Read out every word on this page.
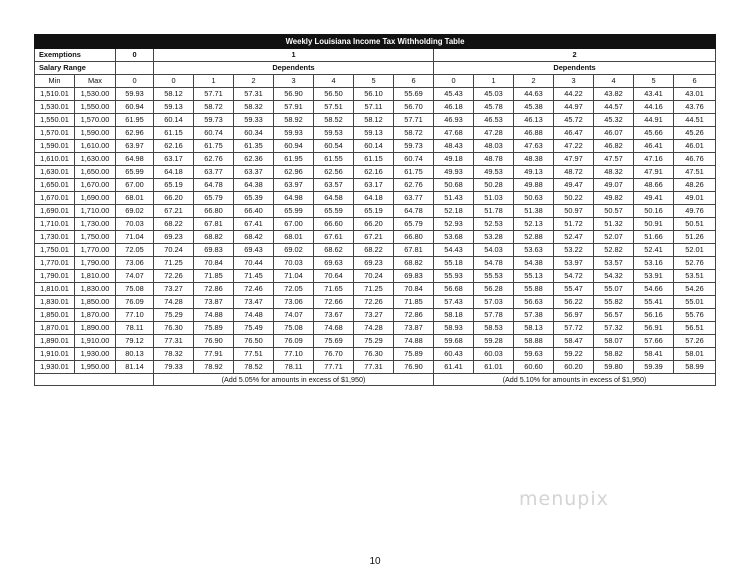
Weekly Louisiana Income Tax Withholding Table																
Exemptions		0	1							2						
Salary Range			Dependents							Dependents						
Min	Max	0	0	1	2	3	4	5	6	0	1	2	3	4	5	6
1,510.01	1,530.00	59.93	58.12	57.71	57.31	56.90	56.50	56.10	55.69	45.43	45.03	44.63	44.22	43.82	43.41	43.01
1,530.01	1,550.00	60.94	59.13	58.72	58.32	57.91	57.51	57.11	56.70	46.18	45.78	45.38	44.97	44.57	44.16	43.76
1,550.01	1,570.00	61.95	60.14	59.73	59.33	58.92	58.52	58.12	57.71	46.93	46.53	46.13	45.72	45.32	44.91	44.51
1,570.01	1,590.00	62.96	61.15	60.74	60.34	59.93	59.53	59.13	58.72	47.68	47.28	46.88	46.47	46.07	45.66	45.26
1,590.01	1,610.00	63.97	62.16	61.75	61.35	60.94	60.54	60.14	59.73	48.43	48.03	47.63	47.22	46.82	46.41	46.01
1,610.01	1,630.00	64.98	63.17	62.76	62.36	61.95	61.55	61.15	60.74	49.18	48.78	48.38	47.97	47.57	47.16	46.76
1,630.01	1,650.00	65.99	64.18	63.77	63.37	62.96	62.56	62.16	61.75	49.93	49.53	49.13	48.72	48.32	47.91	47.51
1,650.01	1,670.00	67.00	65.19	64.78	64.38	63.97	63.57	63.17	62.76	50.68	50.28	49.88	49.47	49.07	48.66	48.26
1,670.01	1,690.00	68.01	66.20	65.79	65.39	64.98	64.58	64.18	63.77	51.43	51.03	50.63	50.22	49.82	49.41	49.01
1,690.01	1,710.00	69.02	67.21	66.80	66.40	65.99	65.59	65.19	64.78	52.18	51.78	51.38	50.97	50.57	50.16	49.76
1,710.01	1,730.00	70.03	68.22	67.81	67.41	67.00	66.60	66.20	65.79	52.93	52.53	52.13	51.72	51.32	50.91	50.51
1,730.01	1,750.00	71.04	69.23	68.82	68.42	68.01	67.61	67.21	66.80	53.68	53.28	52.88	52.47	52.07	51.66	51.26
1,750.01	1,770.00	72.05	70.24	69.83	69.43	69.02	68.62	68.22	67.81	54.43	54.03	53.63	53.22	52.82	52.41	52.01
1,770.01	1,790.00	73.06	71.25	70.84	70.44	70.03	69.63	69.23	68.82	55.18	54.78	54.38	53.97	53.57	53.16	52.76
1,790.01	1,810.00	74.07	72.26	71.85	71.45	71.04	70.64	70.24	69.83	55.93	55.53	55.13	54.72	54.32	53.91	53.51
1,810.01	1,830.00	75.08	73.27	72.86	72.46	72.05	71.65	71.25	70.84	56.68	56.28	55.88	55.47	55.07	54.66	54.26
1,830.01	1,850.00	76.09	74.28	73.87	73.47	73.06	72.66	72.26	71.85	57.43	57.03	56.63	56.22	55.82	55.41	55.01
1,850.01	1,870.00	77.10	75.29	74.88	74.48	74.07	73.67	73.27	72.86	58.18	57.78	57.38	56.97	56.57	56.16	55.76
1,870.01	1,890.00	78.11	76.30	75.89	75.49	75.08	74.68	74.28	73.87	58.93	58.53	58.13	57.72	57.32	56.91	56.51
1,890.01	1,910.00	79.12	77.31	76.90	76.50	76.09	75.69	75.29	74.88	59.68	59.28	58.88	58.47	58.07	57.66	57.26
1,910.01	1,930.00	80.13	78.32	77.91	77.51	77.10	76.70	76.30	75.89	60.43	60.03	59.63	59.22	58.82	58.41	58.01
1,930.01	1,950.00	81.14	79.33	78.92	78.52	78.11	77.71	77.31	76.90	61.41	61.01	60.60	60.20	59.80	59.39	58.99
			(Add 5.05% for amounts in excess of $1,950)							(Add 5.10% for amounts in excess of $1,950)						
menupix
10
